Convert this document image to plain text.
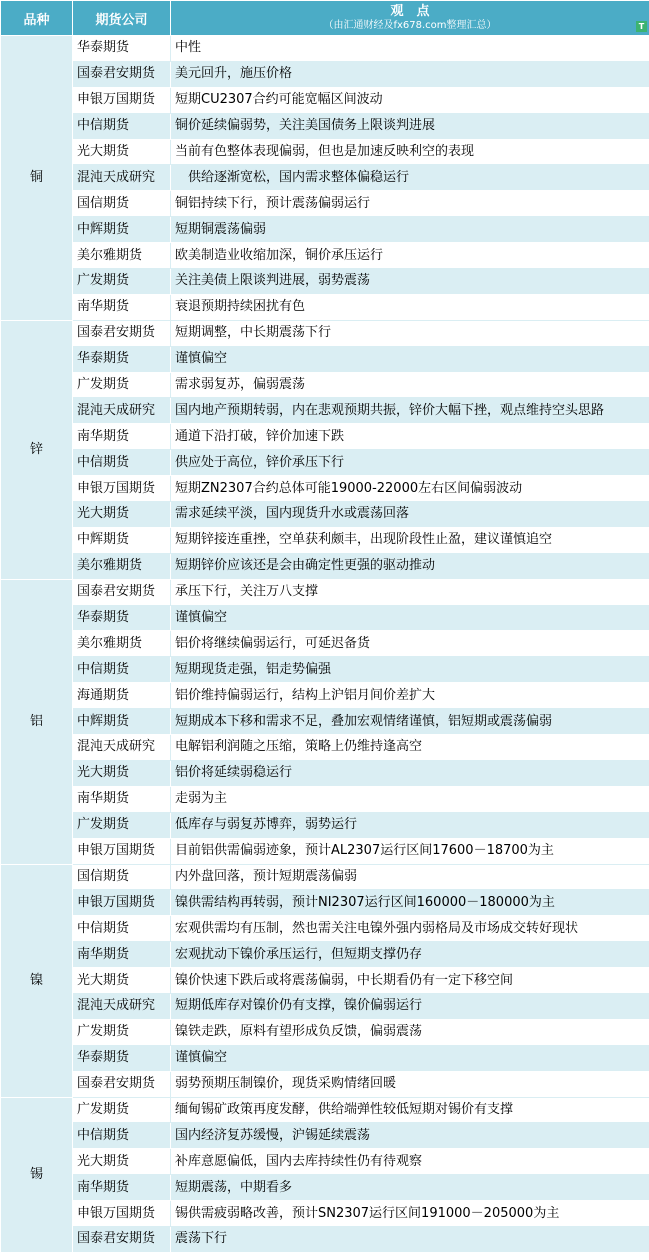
品种	期货公司	观　点
（由汇通财经及fx678.com整理汇总） T

铜	华泰期货	中性
	国泰君安期货	美元回升，施压价格
	申银万国期货	短期CU2307合约可能宽幅区间波动
	中信期货	铜价延续偏弱势，关注美国债务上限谈判进展
	光大期货	当前有色整体表现偏弱，但也是加速反映利空的表现
	混沌天成研究	　供给逐渐宽松，国内需求整体偏稳运行
	国信期货	铜铝持续下行，预计震荡偏弱运行
	中辉期货	短期铜震荡偏弱
	美尔雅期货	欧美制造业收缩加深，铜价承压运行
	广发期货	关注美债上限谈判进展，弱势震荡
	南华期货	衰退预期持续困扰有色
锌	国泰君安期货	短期调整，中长期震荡下行
	华泰期货	谨慎偏空
	广发期货	需求弱复苏，偏弱震荡
	混沌天成研究	国内地产预期转弱，内在悲观预期共振，锌价大幅下挫，观点维持空头思路
	南华期货	通道下沿打破，锌价加速下跌
	中信期货	供应处于高位，锌价承压下行
	申银万国期货	短期ZN2307合约总体可能19000-22000左右区间偏弱波动
	光大期货	需求延续平淡，国内现货升水或震荡回落
	中辉期货	短期锌接连重挫，空单获利颇丰，出现阶段性止盈，建议谨慎追空
	美尔雅期货	短期锌价应该还是会由确定性更强的驱动推动
铝	国泰君安期货	承压下行，关注万八支撑
	华泰期货	谨慎偏空
	美尔雅期货	铝价将继续偏弱运行，可延迟备货
	中信期货	短期现货走强，铝走势偏强
	海通期货	铝价维持偏弱运行，结构上沪铝月间价差扩大
	中辉期货	短期成本下移和需求不足，叠加宏观情绪谨慎，铝短期或震荡偏弱
	混沌天成研究	电解铝利润随之压缩，策略上仍维持逢高空
	光大期货	铝价将延续弱稳运行
	南华期货	走弱为主
	广发期货	低库存与弱复苏博弈，弱势运行
	申银万国期货	目前铝供需偏弱迹象，预计AL2307运行区间17600－18700为主
镍	国信期货	内外盘回落，预计短期震荡偏弱
	申银万国期货	镍供需结构再转弱，预计NI2307运行区间160000－180000为主
	中信期货	宏观供需均有压制，然也需关注电镍外强内弱格局及市场成交转好现状
	南华期货	宏观扰动下镍价承压运行，但短期支撑仍存
	光大期货	镍价快速下跌后或将震荡偏弱，中长期看仍有一定下移空间
	混沌天成研究	短期低库存对镍价仍有支撑，镍价偏弱运行
	广发期货	镍铁走跌，原料有望形成负反馈，偏弱震荡
	华泰期货	谨慎偏空
	国泰君安期货	弱势预期压制镍价，现货采购情绪回暖
锡	广发期货	缅甸锡矿政策再度发酵，供给端弹性较低短期对锡价有支撑
	中信期货	国内经济复苏缓慢，沪锡延续震荡
	光大期货	补库意愿偏低，国内去库持续性仍有待观察
	南华期货	短期震荡，中期看多
	申银万国期货	锡供需疲弱略改善，预计SN2307运行区间191000－205000为主
	国泰君安期货	震荡下行
